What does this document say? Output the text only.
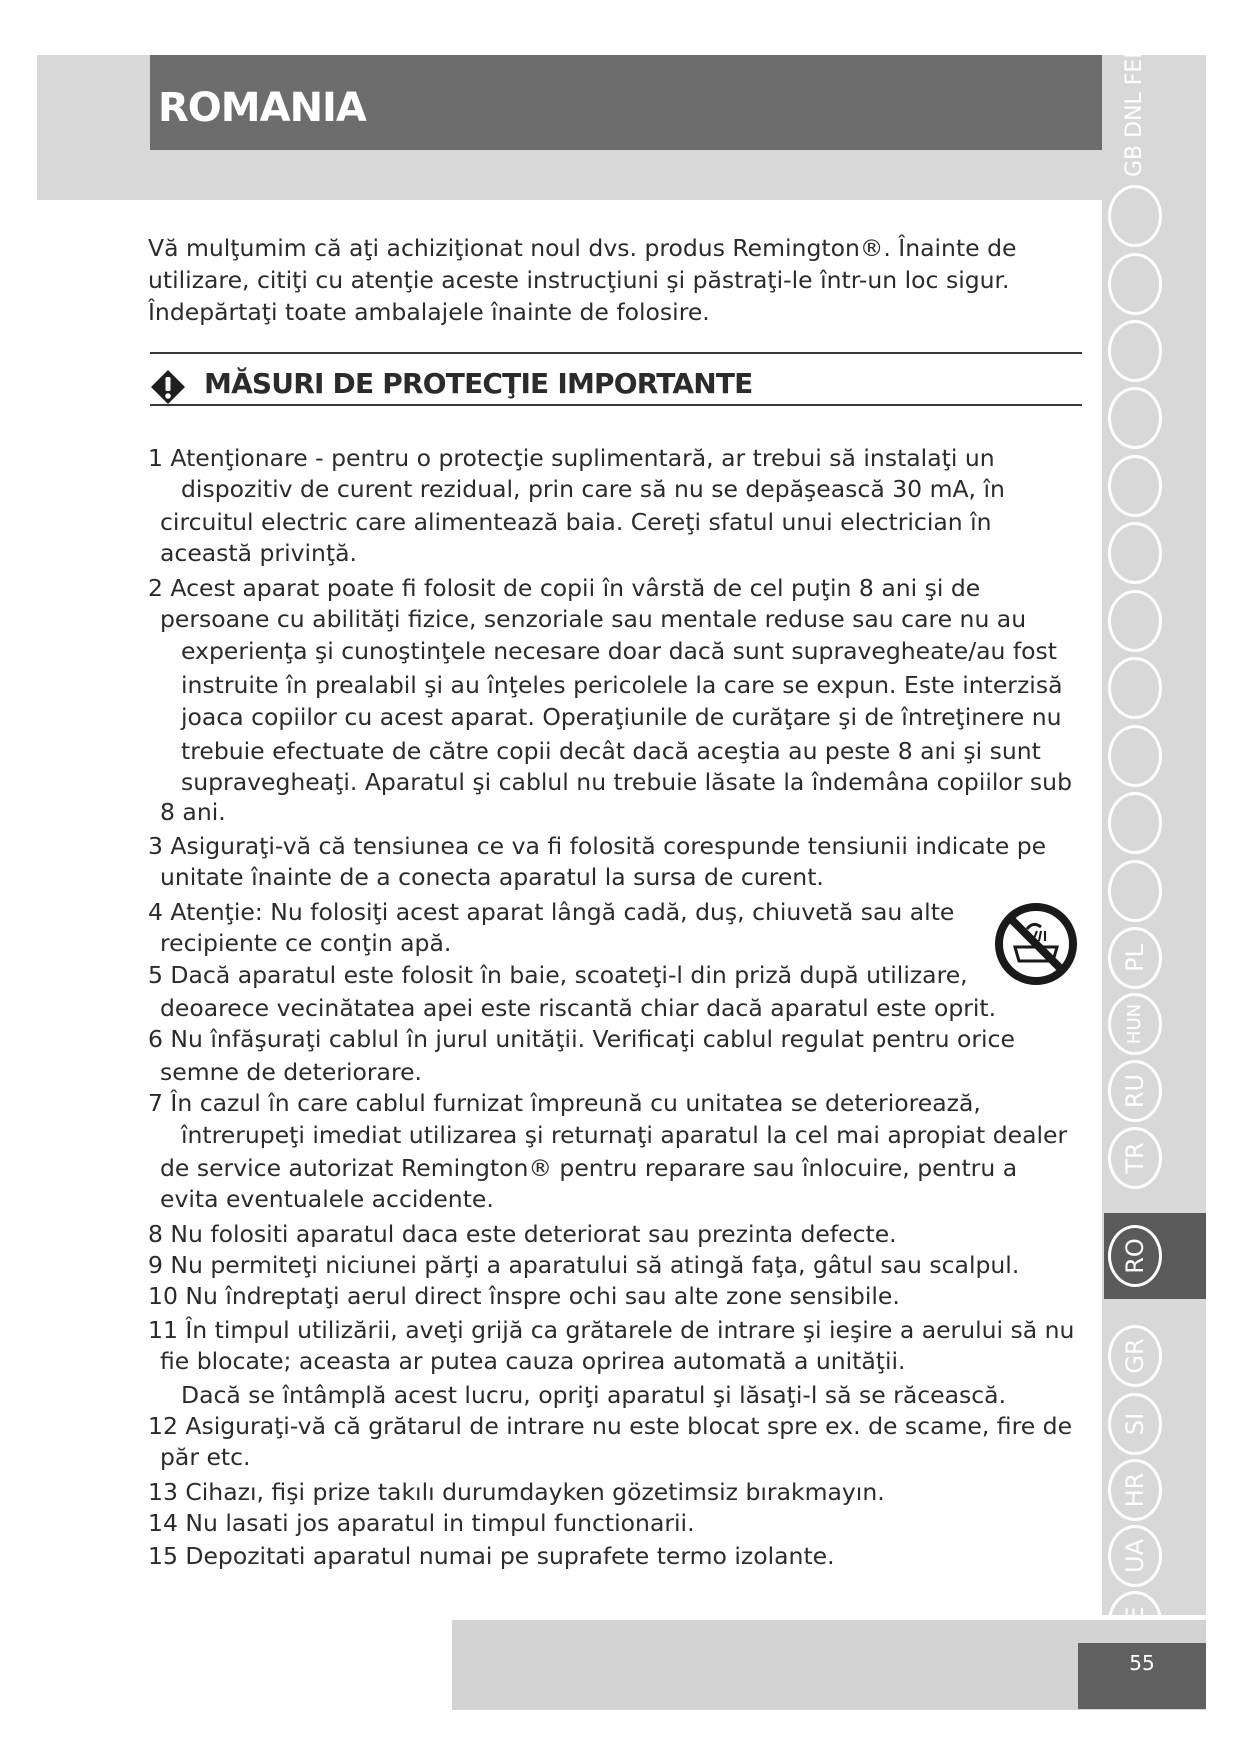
ROMANIA
Vă mulţumim că aţi achiziţionat noul dvs. produs Remington®. Înainte de
utilizare, citiţi cu atenţie aceste instrucţiuni şi păstraţi-le într-un loc sigur.
Îndepărtaţi toate ambalajele înainte de folosire.
MĂSURI DE PROTECŢIE IMPORTANTE
1 Atenţionare - pentru o protecţie suplimentară, ar trebui să instalaţi un
dispozitiv de curent rezidual, prin care să nu se depăşească 30 mA, în
circuitul electric care alimentează baia. Cereţi sfatul unui electrician în
această privinţă.
2 Acest aparat poate fi folosit de copii în vârstă de cel puţin 8 ani şi de
persoane cu abilităţi fizice, senzoriale sau mentale reduse sau care nu au
experienţa şi cunoştinţele necesare doar dacă sunt supravegheate/au fost
instruite în prealabil şi au înţeles pericolele la care se expun. Este interzisă
joaca copiilor cu acest aparat. Operaţiunile de curăţare şi de întreţinere nu
trebuie efectuate de către copii decât dacă aceştia au peste 8 ani şi sunt
supravegheaţi. Aparatul şi cablul nu trebuie lăsate la îndemâna copiilor sub
8 ani.
3 Asiguraţi-vă că tensiunea ce va fi folosită corespunde tensiunii indicate pe
unitate înainte de a conecta aparatul la sursa de curent.
4 Atenţie: Nu folosiţi acest aparat lângă cadă, duş, chiuvetă sau alte
recipiente ce conţin apă.
5 Dacă aparatul este folosit în baie, scoateţi-l din priză după utilizare,
deoarece vecinătatea apei este riscantă chiar dacă aparatul este oprit.
6 Nu înfăşuraţi cablul în jurul unităţii. Verificaţi cablul regulat pentru orice
semne de deteriorare.
7 În cazul în care cablul furnizat împreună cu unitatea se deteriorează,
întrerupeţi imediat utilizarea şi returnaţi aparatul la cel mai apropiat dealer
de service autorizat Remington® pentru reparare sau înlocuire, pentru a
evita eventualele accidente.
8 Nu folositi aparatul daca este deteriorat sau prezinta defecte.
9 Nu permiteţi niciunei părţi a aparatului să atingă faţa, gâtul sau scalpul.
10 Nu îndreptaţi aerul direct înspre ochi sau alte zone sensibile.
11 În timpul utilizării, aveţi grijă ca grătarele de intrare şi ieşire a aerului să nu
fie blocate; aceasta ar putea cauza oprirea automată a unităţii.
Dacă se întâmplă acest lucru, opriţi aparatul şi lăsaţi-l să se răcească.
12 Asiguraţi-vă că grătarul de intrare nu este blocat spre ex. de scame, fire de
păr etc.
13 Cihazı, fişi prize takılı durumdayken gözetimsiz bırakmayın.
14 Nu lasati jos aparatul in timpul functionarii.
15 Depozitati aparatul numai pe suprafete termo izolante.
GB DNL FEI D
PL
HUN
RU
TR
RO
GR
SI
HR
UA
55
